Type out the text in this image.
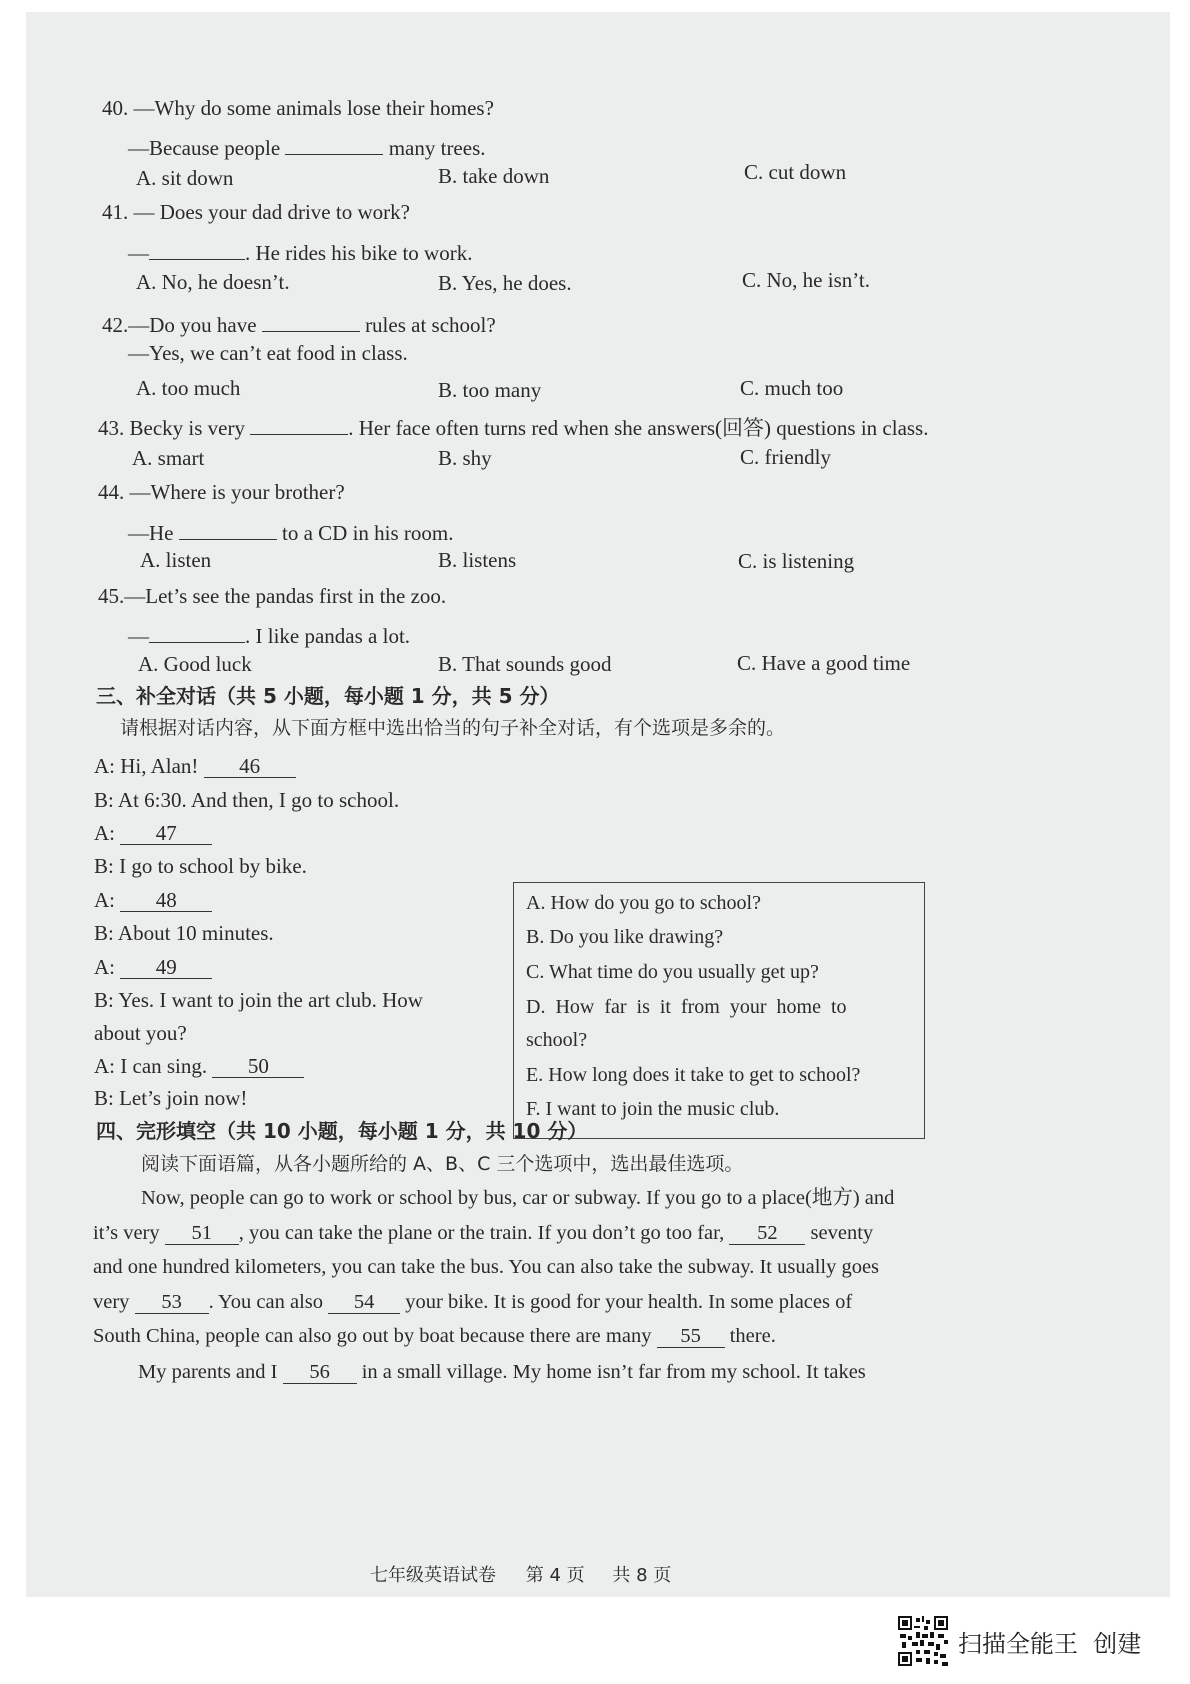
40. —Why do some animals lose their homes?
—Because people	many trees.
A. sit down	B. take down	C. cut down
41. — Does your dad drive to work?
—	. He rides his bike to work.
A. No, he doesn’t.	B. Yes, he does.	C. No, he isn’t.
42.—Do you have	rules at school?
—Yes, we can’t eat food in class.
A. too much	B. too many	C. much too
43. Becky is very	. Her face often turns red when she answers(回答) questions in class.
A. smart	B. shy	C. friendly
44. —Where is your brother?
—He	to a CD in his room.
A. listen	B. listens	C. is listening
45.—Let’s see the pandas first in the zoo.
—	. I like pandas a lot.
A. Good luck	B. That sounds good	C. Have a good time
三、补全对话（共 5 小题，每小题 1 分，共 5 分）
请根据对话内容，从下面方框中选出恰当的句子补全对话，有个选项是多余的。
A: Hi, Alan! 46
B: At 6:30. And then, I go to school.
A: 47
B: I go to school by bike.
A: 48
B: About 10 minutes.
A: 49
B: Yes. I want to join the art club. How
about you?
A: I can sing. 50
B: Let’s join now!
A. How do you go to school?
B. Do you like drawing?
C. What time do you usually get up?
D.  How  far  is  it  from  your  home  to
school?
E. How long does it take to get to school?
F. I want to join the music club.
四、完形填空（共 10 小题，每小题 1 分，共 10 分）
阅读下面语篇，从各小题所给的 A、B、C 三个选项中，选出最佳选项。
Now, people can go to work or school by bus, car or subway. If you go to a place(地方) and
it’s very 51 , you can take the plane or the train. If you don’t go too far, 52 seventy
and one hundred kilometers, you can take the bus. You can also take the subway. It usually goes
very 53 . You can also 54 your bike. It is good for your health. In some places of
South China, people can also go out by boat because there are many 55 there.
My parents and I 56 in a small village. My home isn’t far from my school. It takes
七年级英语试卷 第 4 页 共 8 页
扫描全能王  创建
